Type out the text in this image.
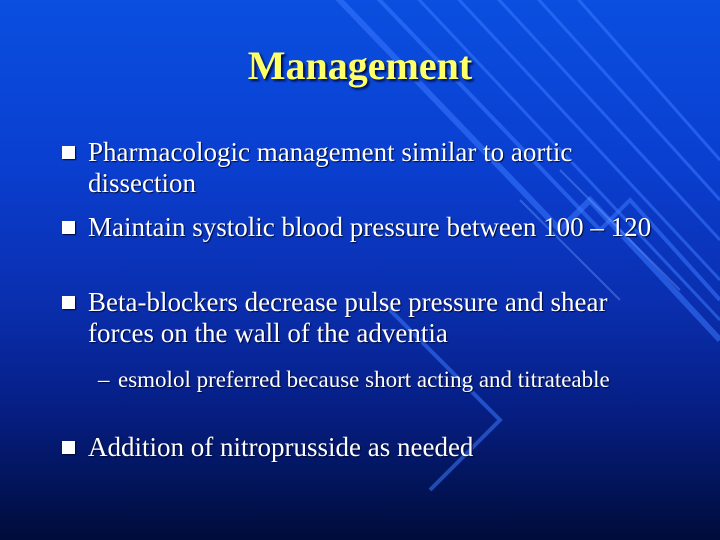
Management
Pharmacologic management similar to aortic dissection
Maintain systolic blood pressure between 100 – 120
Beta-blockers decrease pulse pressure and shear forces on the wall of the adventia
– esmolol preferred because short acting and titrateable
Addition of nitroprusside as needed
